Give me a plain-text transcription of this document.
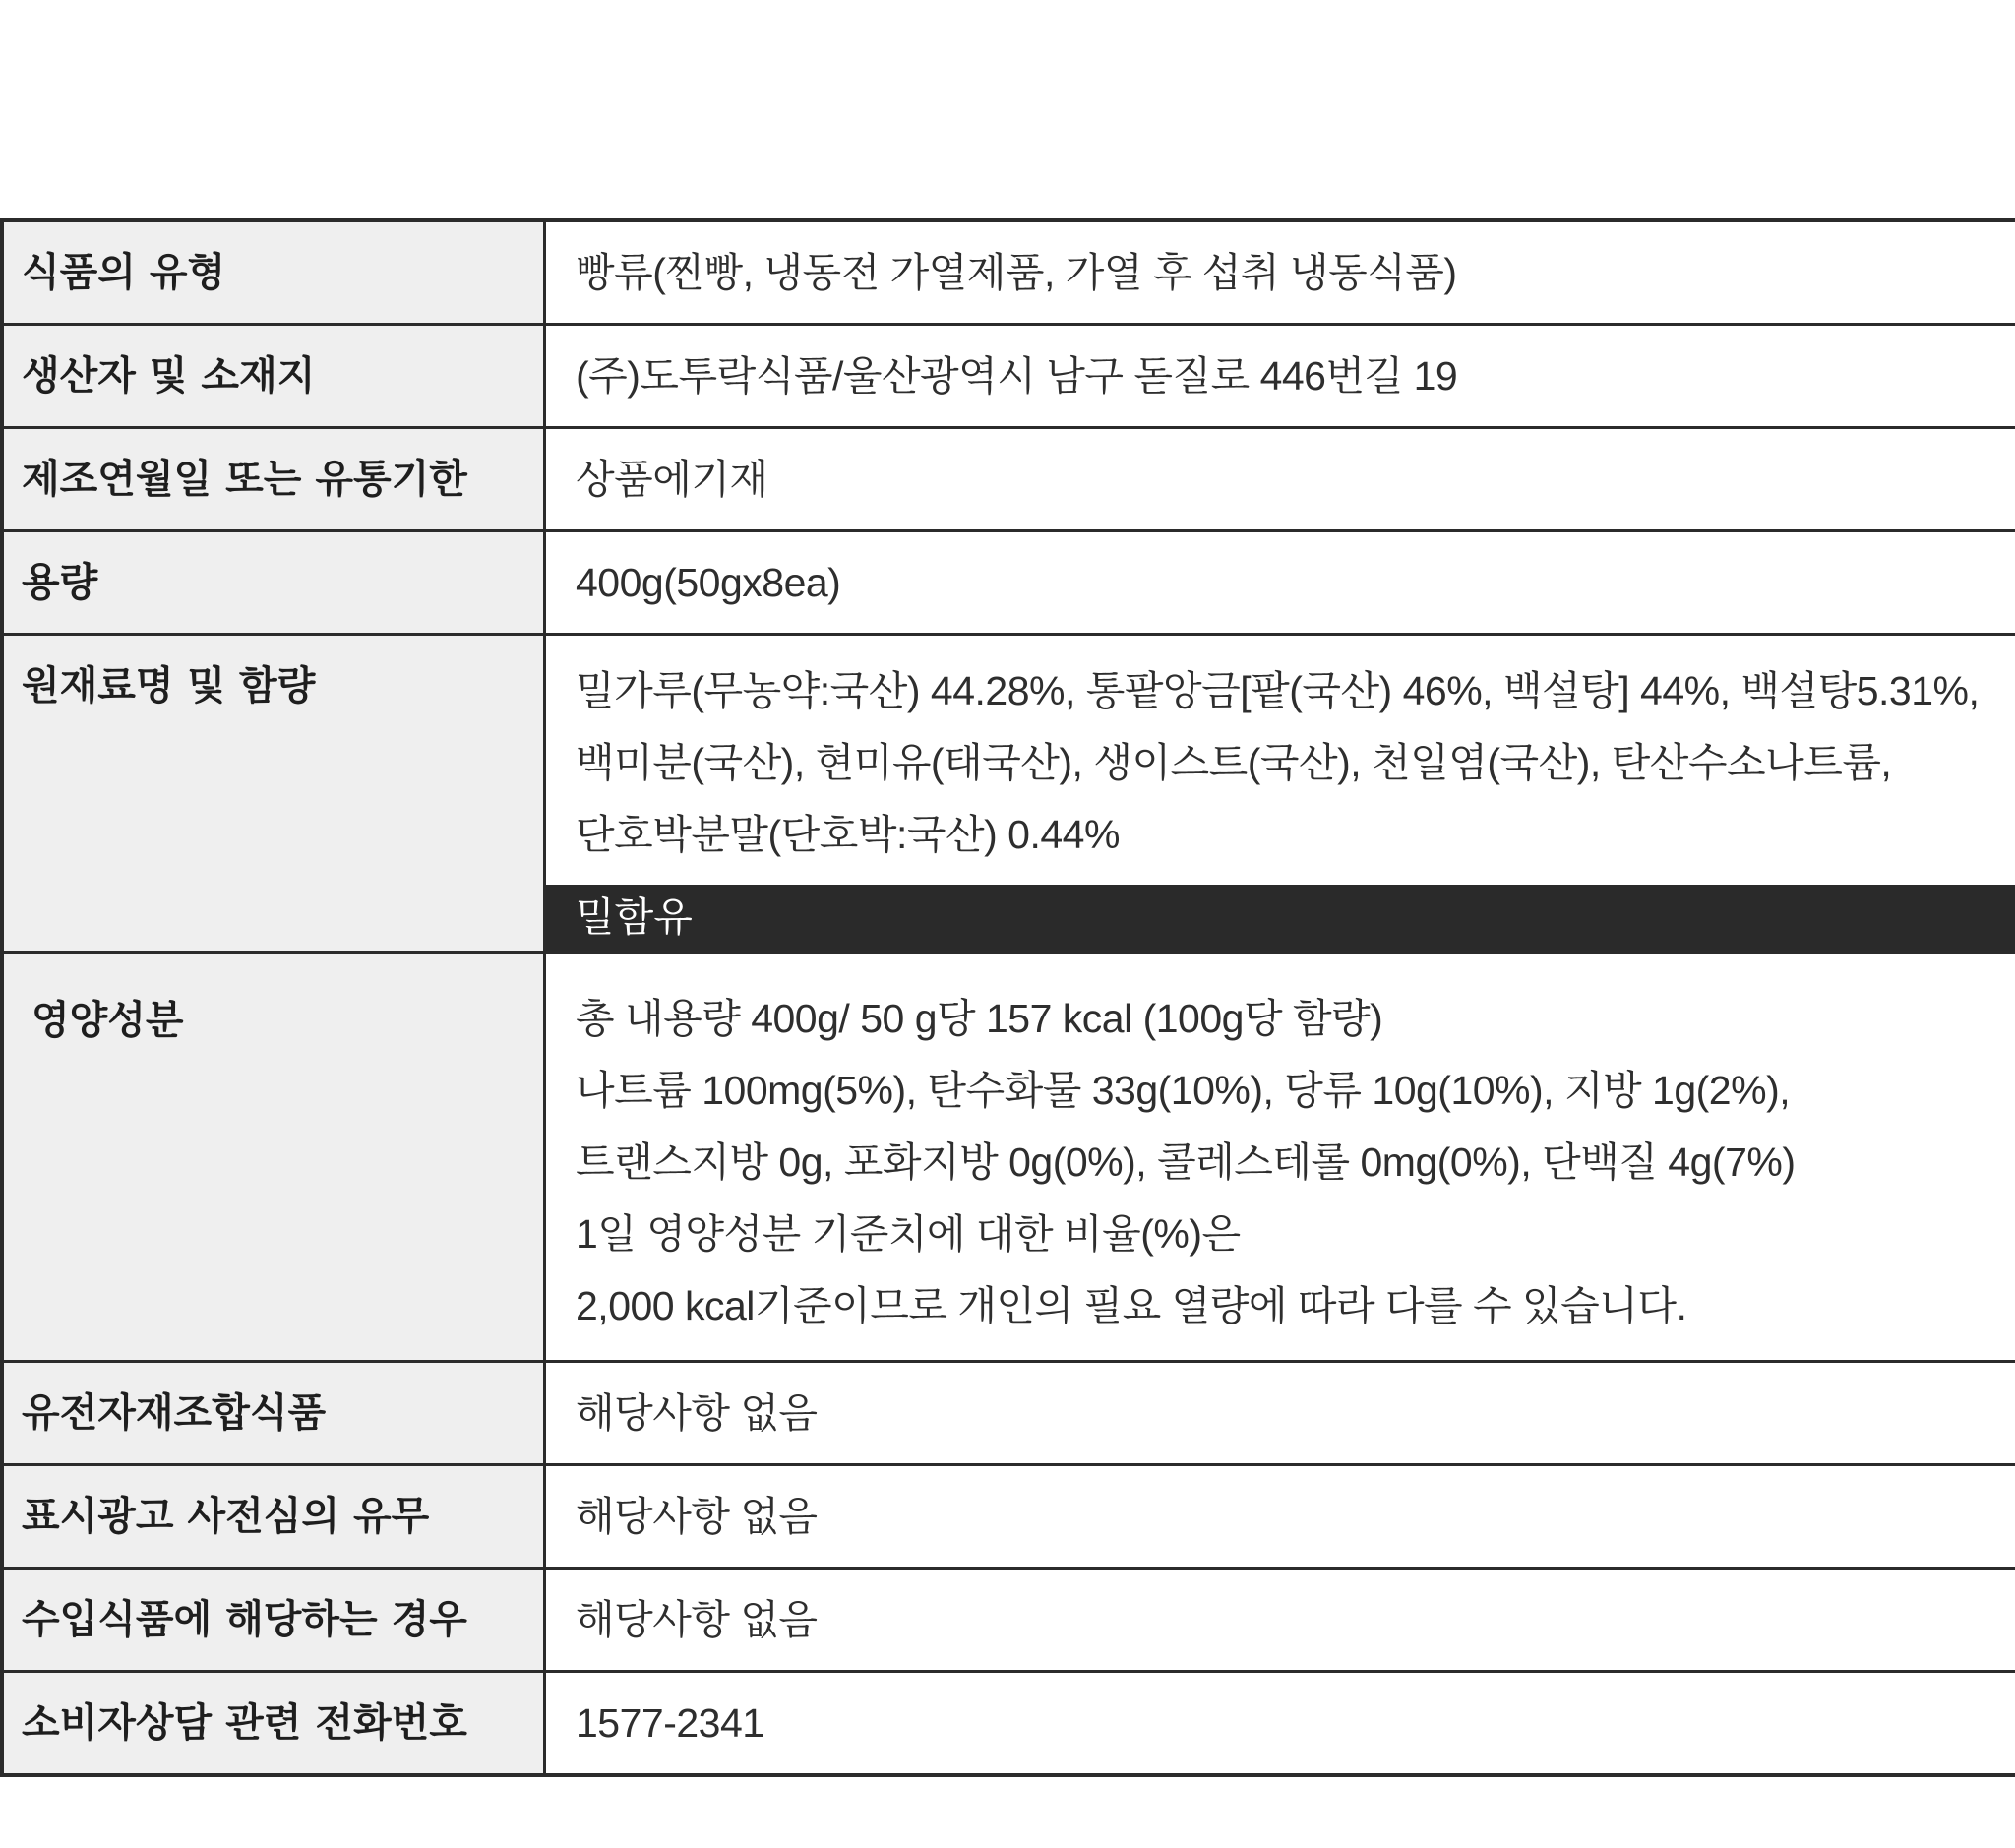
식품의 유형	빵류(찐빵, 냉동전 가열제품, 가열 후 섭취 냉동식품)

생산자 및 소재지	(주)도투락식품/울산광역시 남구 돋질로 446번길 19

제조연월일 또는 유통기한	상품에기재

용량	400g(50gx8ea)

원재료명 및 함량	밀가루(무농약:국산) 44.28%, 통팥앙금[팥(국산) 46%, 백설탕] 44%, 백설탕5.31%,
백미분(국산), 현미유(태국산), 생이스트(국산), 천일염(국산), 탄산수소나트륨,
단호박분말(단호박:국산) 0.44%
밀함유

영양성분	총 내용량 400g/ 50 g당 157 kcal (100g당 함량)
나트륨 100mg(5%), 탄수화물 33g(10%), 당류 10g(10%), 지방 1g(2%),
트랜스지방 0g, 포화지방 0g(0%), 콜레스테롤 0mg(0%), 단백질 4g(7%)
1일 영양성분 기준치에 대한 비율(%)은
2,000 kcal기준이므로 개인의 필요 열량에 따라 다를 수 있습니다.

유전자재조합식품	해당사항 없음

표시광고 사전심의 유무	해당사항 없음

수입식품에 해당하는 경우	해당사항 없음

소비자상담 관련 전화번호	1577-2341
